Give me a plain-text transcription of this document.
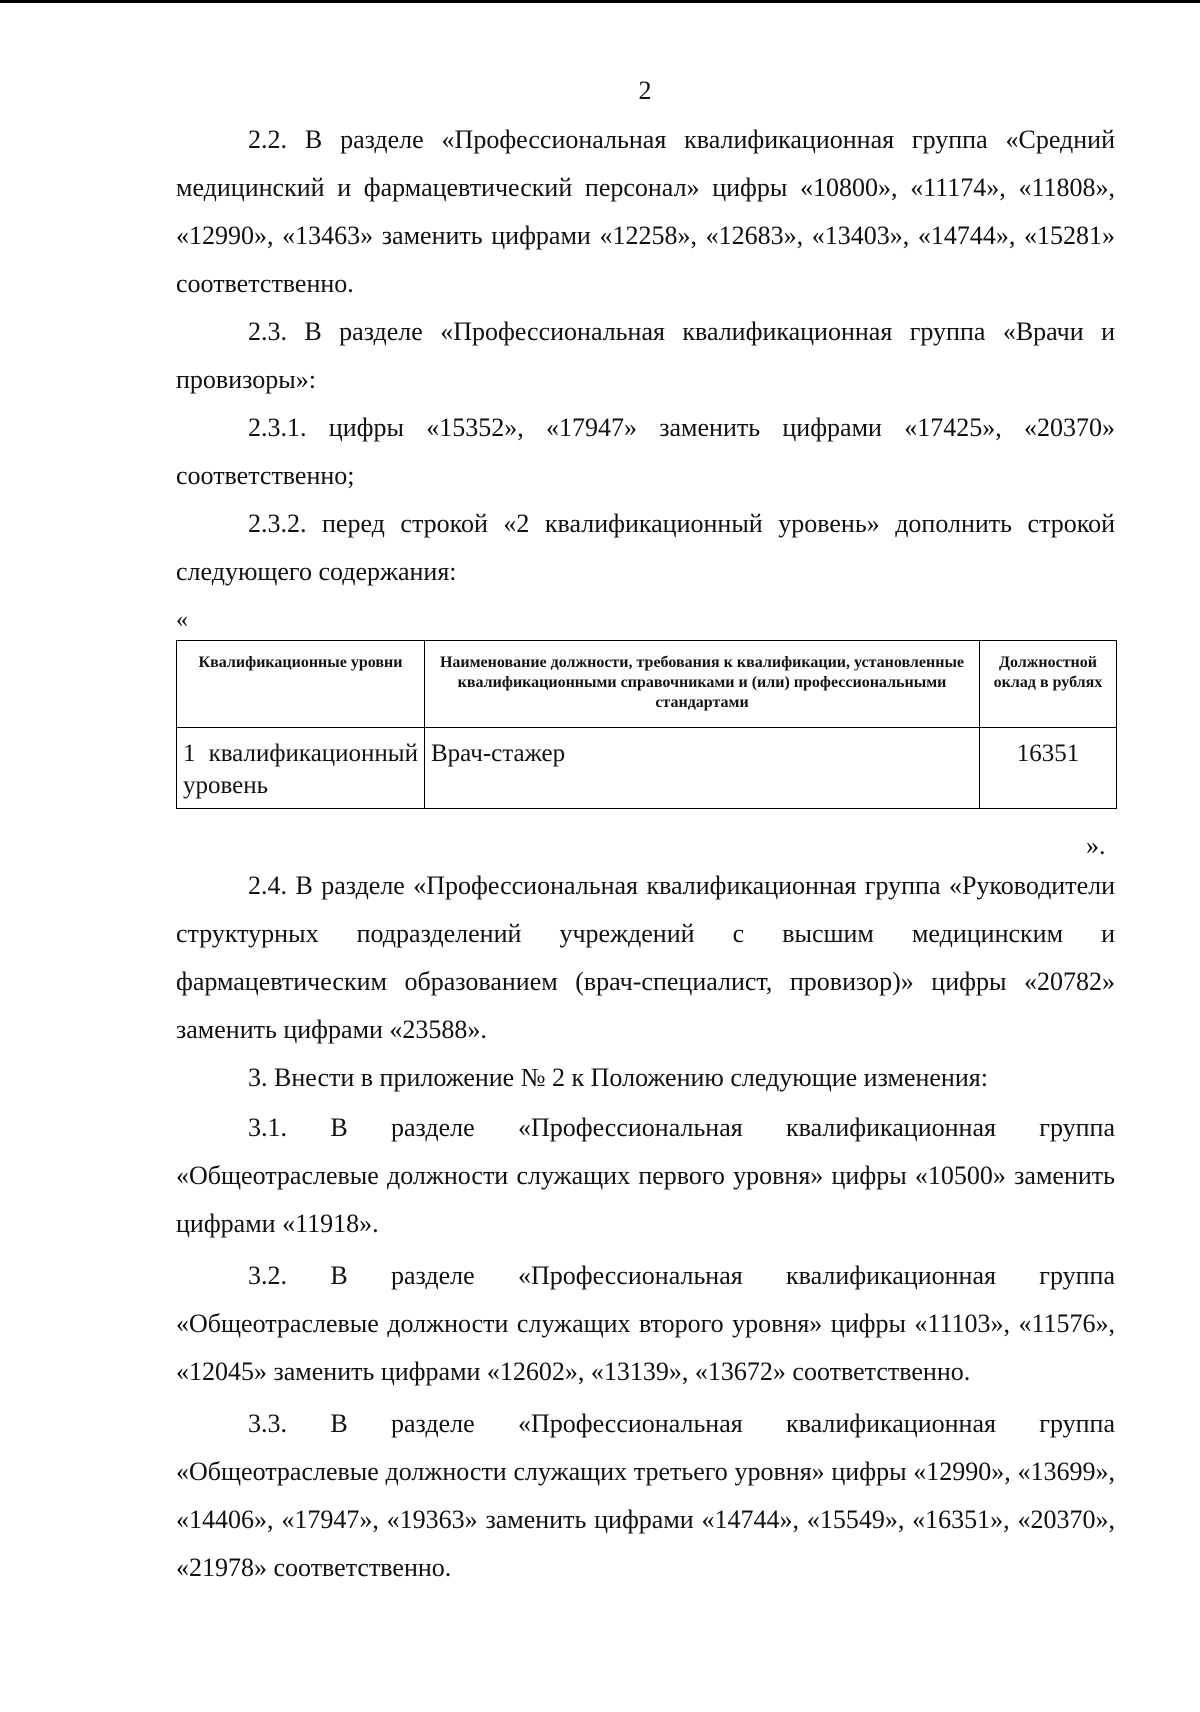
2

2.2. В разделе «Профессиональная квалификационная группа «Средний медицинский и фармацевтический персонал» цифры «10800», «11174», «11808», «12990», «13463» заменить цифрами «12258», «12683», «13403», «14744», «15281» соответственно.

2.3. В разделе «Профессиональная квалификационная группа «Врачи и провизоры»:

2.3.1. цифры «15352», «17947» заменить цифрами «17425», «20370» соответственно;

2.3.2. перед строкой «2 квалификационный уровень» дополнить строкой следующего содержания:

«
Квалификационные уровни	Наименование должности, требования к квалификации, установленные квалификационными справочниками и (или) профессиональными стандартами	Должностной оклад в рублях
1 квалификационный уровень	Врач-стажер	16351
».

2.4. В разделе «Профессиональная квалификационная группа «Руководители структурных подразделений учреждений с высшим медицинским и фармацевтическим образованием (врач-специалист, провизор)» цифры «20782» заменить цифрами «23588».

3. Внести в приложение № 2 к Положению следующие изменения:

3.1. В разделе «Профессиональная квалификационная группа «Общеотраслевые должности служащих первого уровня» цифры «10500» заменить цифрами «11918».

3.2. В разделе «Профессиональная квалификационная группа «Общеотраслевые должности служащих второго уровня» цифры «11103», «11576», «12045» заменить цифрами «12602», «13139», «13672» соответственно.

3.3. В разделе «Профессиональная квалификационная группа «Общеотраслевые должности служащих третьего уровня» цифры «12990», «13699», «14406», «17947», «19363» заменить цифрами «14744», «15549», «16351», «20370», «21978» соответственно.
